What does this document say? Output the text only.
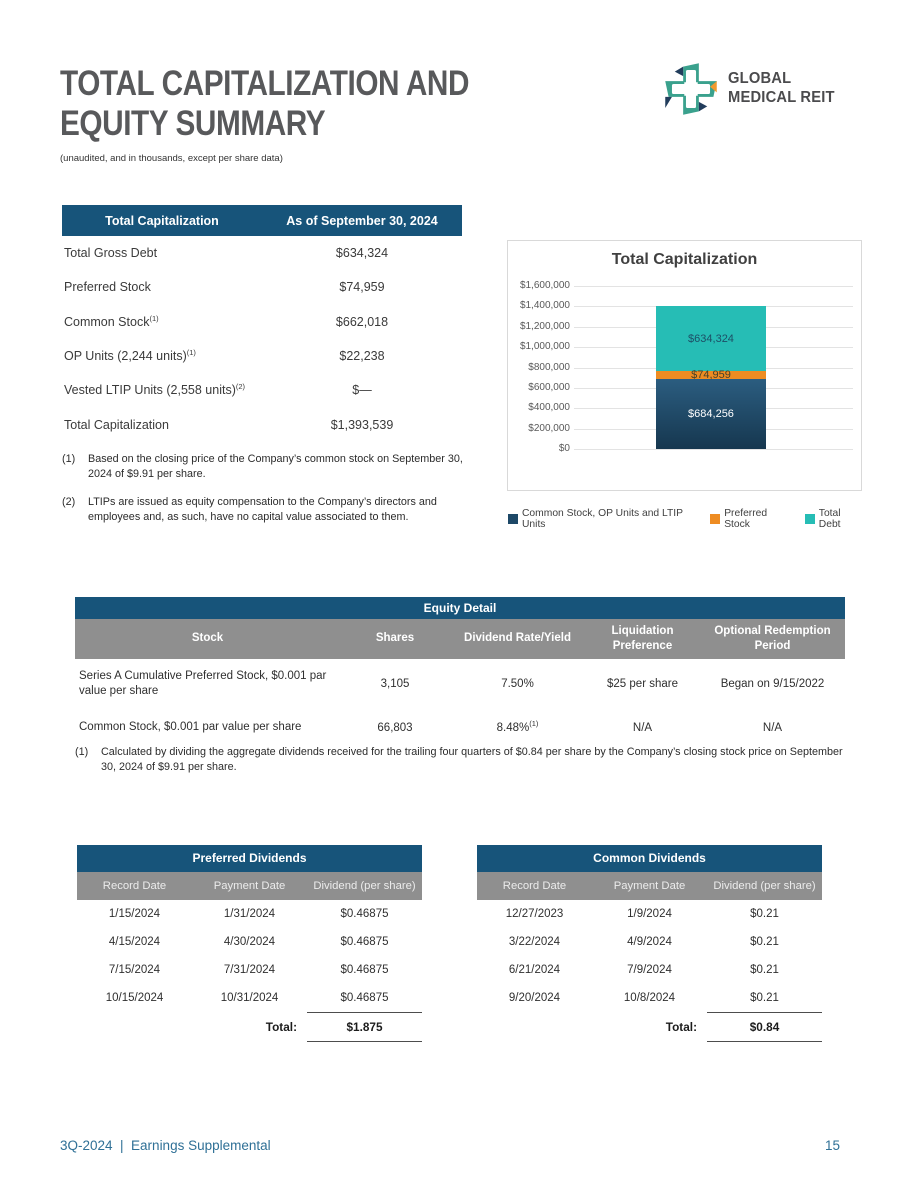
TOTAL CAPITALIZATION AND
EQUITY SUMMARY
(unaudited, and in thousands, except per share data)
GLOBAL
MEDICAL REIT
Total Capitalization	As of September 30, 2024
Total Gross Debt	$634,324
Preferred Stock	$74,959
Common Stock$^{(1)}$	$662,018
OP Units (2,244 units)$^{(1)}$	$22,238
Vested LTIP Units (2,558 units)$^{(2)}$	$—
Total Capitalization	$1,393,539
(1)	Based on the closing price of the Company’s common stock on September 30, 2024 of $9.91 per share.
(2)	LTIPs are issued as equity compensation to the Company’s directors and employees and, as such, have no capital value associated to them.
Total Capitalization
$1,600,000
$1,400,000
$1,200,000
$1,000,000
$800,000
$600,000
$400,000
$200,000
$0
$684,256
$74,959
$634,324
Common Stock, OP Units and LTIP Units
Preferred Stock
Total Debt
Equity Detail
Stock	Shares	Dividend Rate/Yield	Liquidation Preference	Optional Redemption Period
Series A Cumulative Preferred Stock, $0.001 par value per share	3,105	7.50%	$25 per share	Began on 9/15/2022
Common Stock, $0.001 par value per share	66,803	8.48%$^{(1)}$	N/A	N/A
(1)	Calculated by dividing the aggregate dividends received for the trailing four quarters of $0.84 per share by the Company’s closing stock price on September 30, 2024 of $9.91 per share.
Preferred Dividends
Record Date	Payment Date	Dividend (per share)
1/15/2024	1/31/2024	$0.46875
4/15/2024	4/30/2024	$0.46875
7/15/2024	7/31/2024	$0.46875
10/15/2024	10/31/2024	$0.46875
Total:	$1.875
Common Dividends
Record Date	Payment Date	Dividend (per share)
12/27/2023	1/9/2024	$0.21
3/22/2024	4/9/2024	$0.21
6/21/2024	7/9/2024	$0.21
9/20/2024	10/8/2024	$0.21
Total:	$0.84
3Q-2024  |  Earnings Supplemental	15
